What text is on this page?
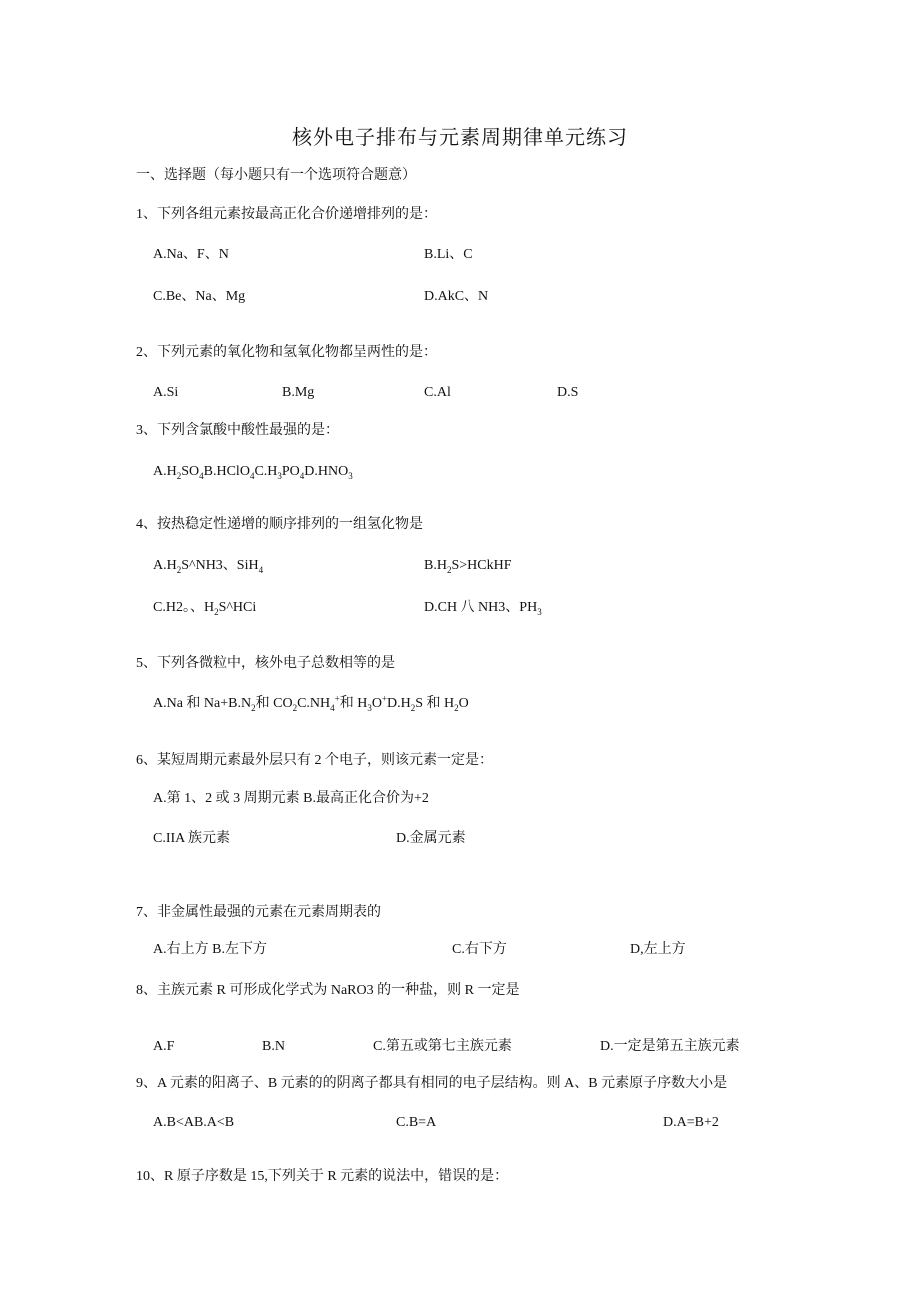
核外电子排布与元素周期律单元练习
一、选择题（每小题只有一个选项符合题意）
1、下列各组元素按最高正化合价递增排列的是：
A.Na、F、N	B.Li、C
C.Be、Na、Mg	D.AkC、N
2、下列元素的氧化物和氢氧化物都呈两性的是：
A.Si	B.Mg	C.Al	D.S
3、下列含氯酸中酸性最强的是：
$A.H_2SO_4B.HClO_4C.H_3PO_4D.HNO_3$
4、按热稳定性递增的顺序排列的一组氢化物是
$A.H_2S\^{}NH3$、SiH$_4$	$B.H_2S>HCkHF$
C.H2。、$H_2S\^{}HCi$	D.CH 八 NH3、$PH_3$
5、下列各微粒中，核外电子总数相等的是
A.Na 和 $Na+B.N_2$和 $CO_2C.NH_4^+$和 $H_3O^+D.H_2S$ 和 $H_2O$
6、某短周期元素最外层只有 2 个电子，则该元素一定是：
A.第 1、2 或 3 周期元素 B.最高正化合价为+2
C.IIA 族元素	D.金属元素
7、非金属性最强的元素在元素周期表的
A.右上方 B.左下方	C.右下方	D,左上方
8、主族元素 R 可形成化学式为 NaRO3 的一种盐，则 R 一定是
A.F	B.N	C.第五或第七主族元素	D.一定是第五主族元素
9、A 元素的阳离子、B 元素的的阴离子都具有相同的电子层结构。则 A、B 元素原子序数大小是
A.B<AB.A<B	C.B=A	D.A=B+2
10、R 原子序数是 15,下列关于 R 元素的说法中，错误的是：
